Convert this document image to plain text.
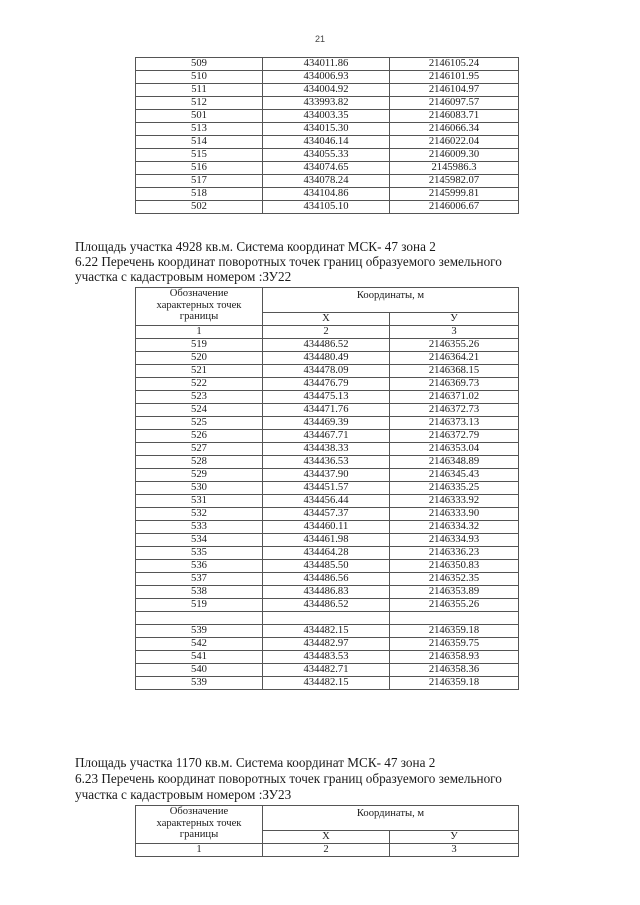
21
509	434011.86	2146105.24
510	434006.93	2146101.95
511	434004.92	2146104.97
512	433993.82	2146097.57
501	434003.35	2146083.71
513	434015.30	2146066.34
514	434046.14	2146022.04
515	434055.33	2146009.30
516	434074.65	2145986.3
517	434078.24	2145982.07
518	434104.86	2145999.81
502	434105.10	2146006.67
Площадь участка 4928 кв.м. Система координат МСК- 47 зона 2
6.22 Перечень координат поворотных точек границ образуемого земельного
участка с кадастровым номером :ЗУ22
Обозначение
характерных точек
границы	Координаты, м	
	Х	У
1	2	3
519	434486.52	2146355.26
520	434480.49	2146364.21
521	434478.09	2146368.15
522	434476.79	2146369.73
523	434475.13	2146371.02
524	434471.76	2146372.73
525	434469.39	2146373.13
526	434467.71	2146372.79
527	434438.33	2146353.04
528	434436.53	2146348.89
529	434437.90	2146345.43
530	434451.57	2146335.25
531	434456.44	2146333.92
532	434457.37	2146333.90
533	434460.11	2146334.32
534	434461.98	2146334.93
535	434464.28	2146336.23
536	434485.50	2146350.83
537	434486.56	2146352.35
538	434486.83	2146353.89
519	434486.52	2146355.26

539	434482.15	2146359.18
542	434482.97	2146359.75
541	434483.53	2146358.93
540	434482.71	2146358.36
539	434482.15	2146359.18
Площадь участка 1170 кв.м. Система координат МСК- 47 зона 2
6.23 Перечень координат поворотных точек границ образуемого земельного
участка с кадастровым номером :ЗУ23
Обозначение
характерных точек
границы	Координаты, м	
	Х	У
1	2	3
